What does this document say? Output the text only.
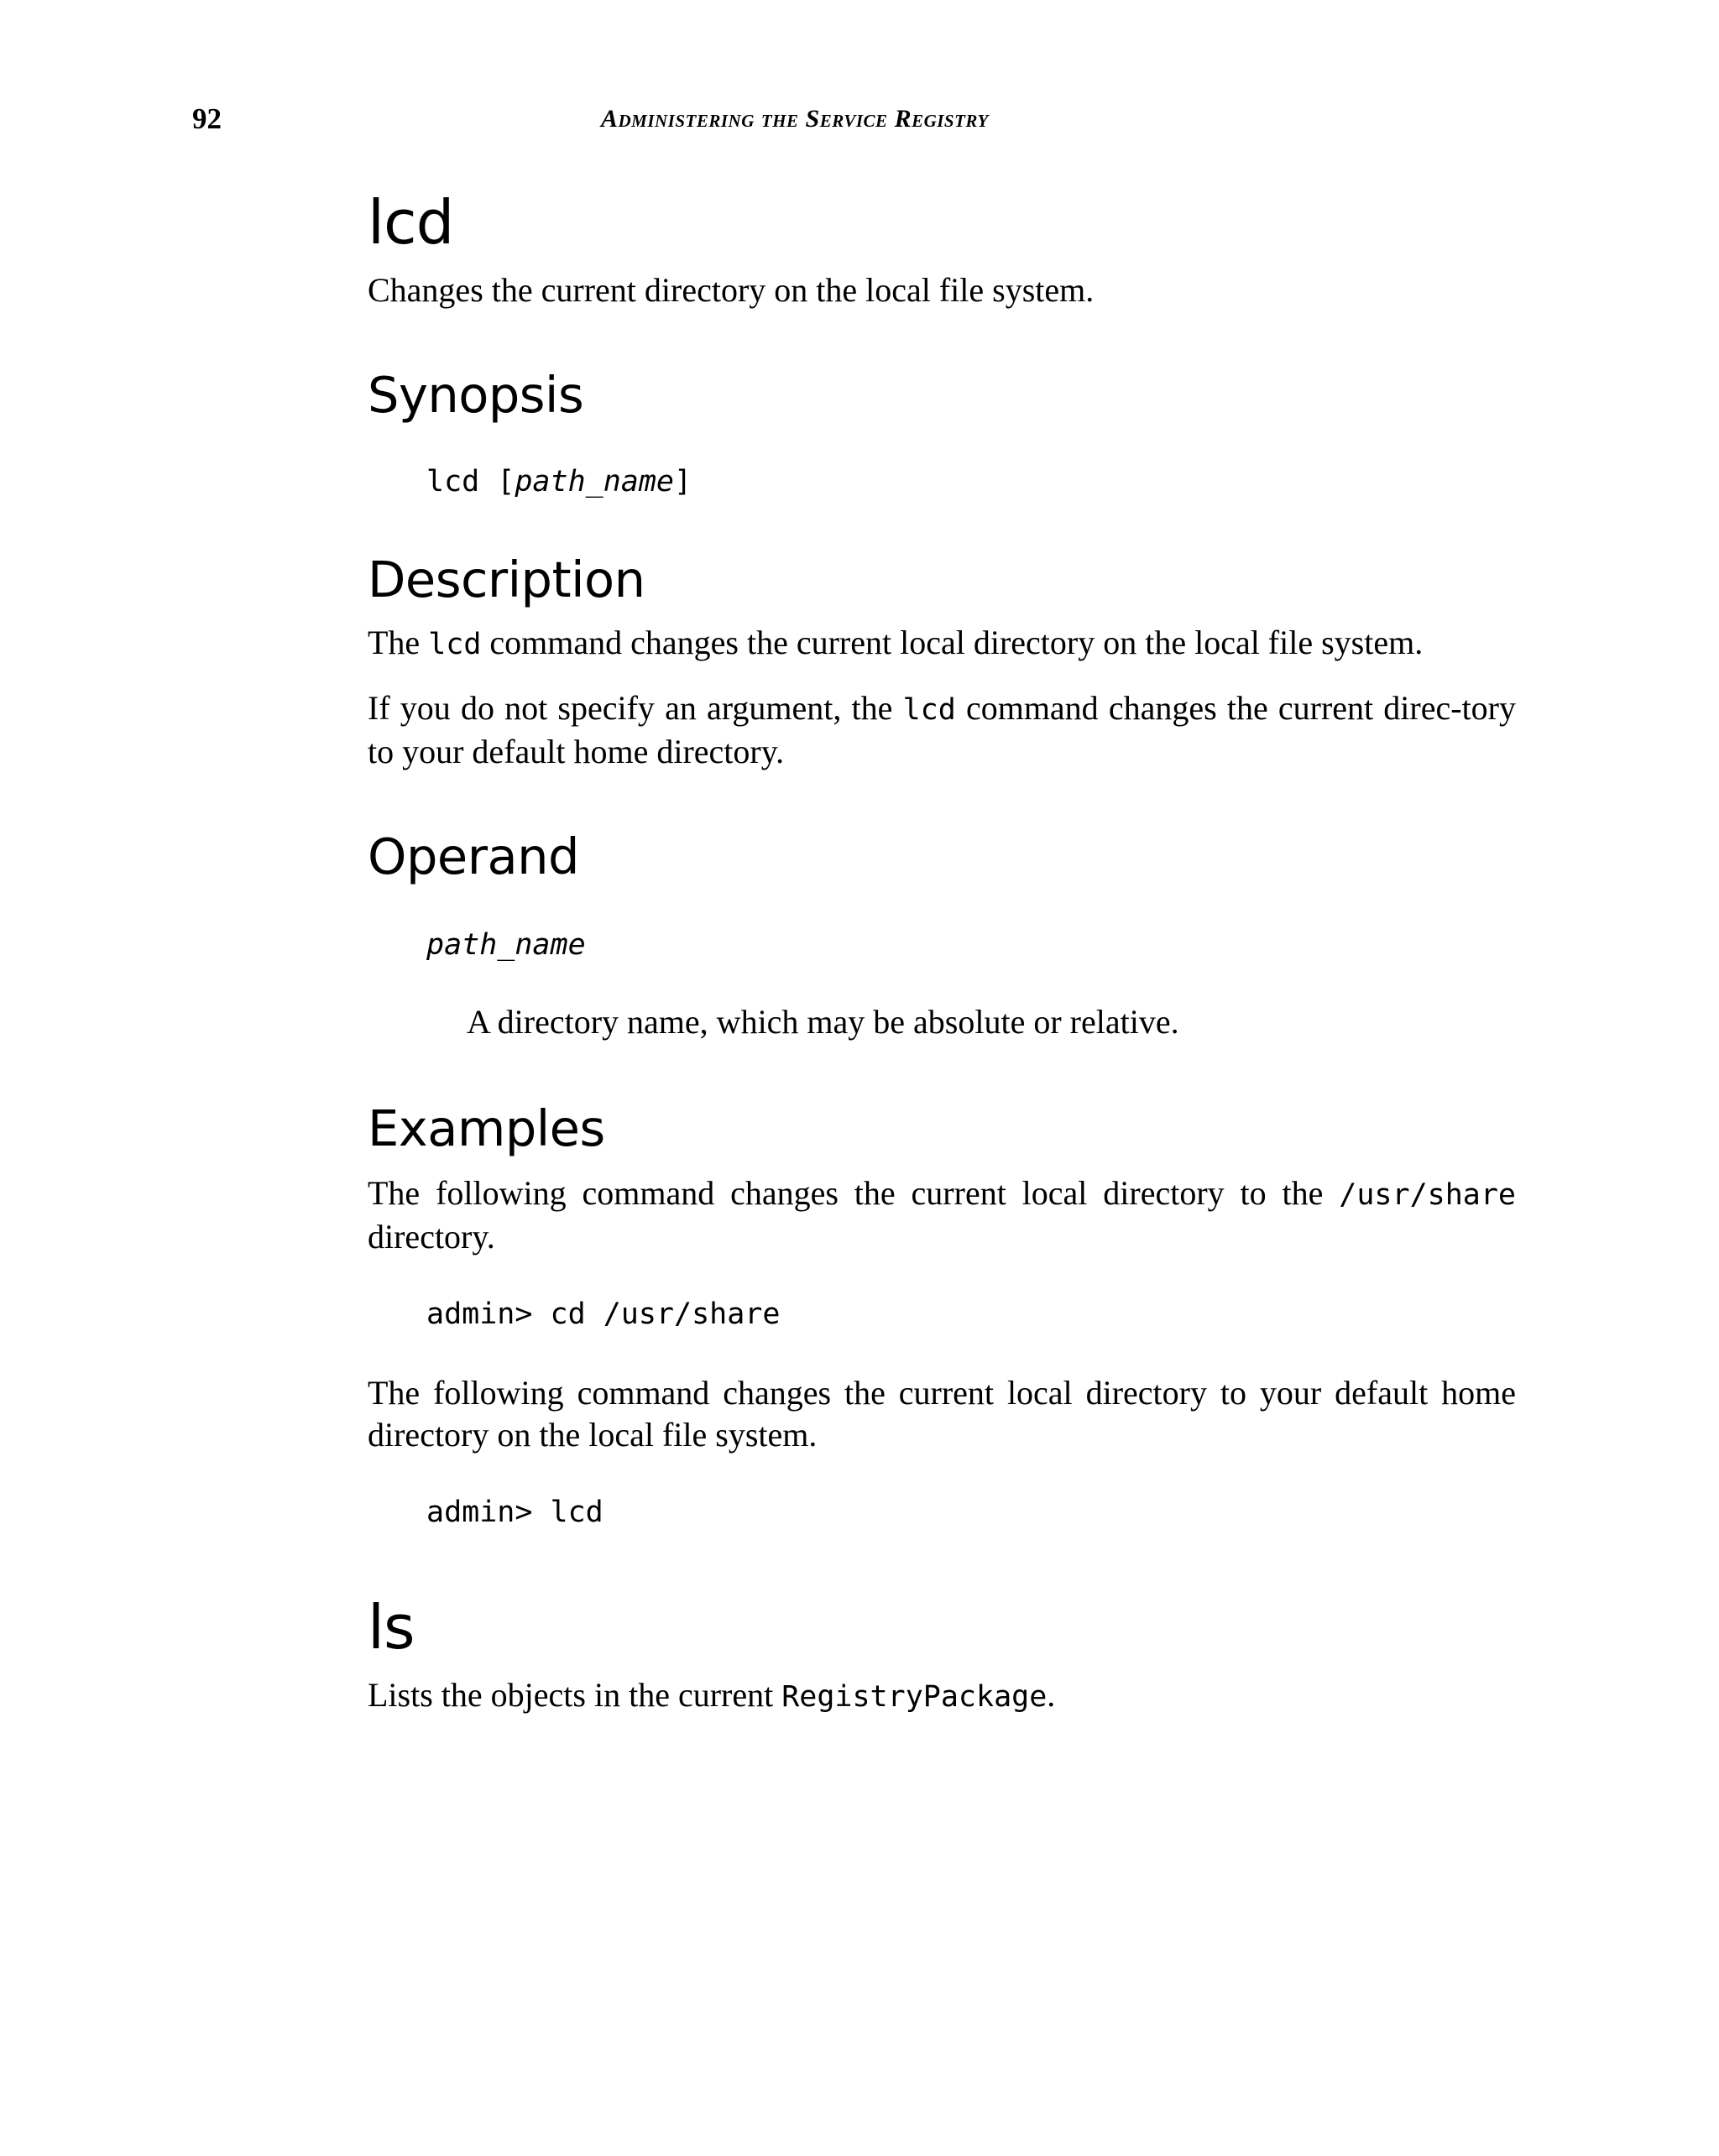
92	Administering the Service Registry
lcd

Changes the current directory on the local file system.

Synopsis

lcd [path_name]

Description

The lcd command changes the current local directory on the local file system.

If you do not specify an argument, the lcd command changes the current direc-tory to your default home directory.

Operand

path_name

A directory name, which may be absolute or relative.

Examples

The following command changes the current local directory to the /usr/share directory.

admin> cd /usr/share

The following command changes the current local directory to your default home directory on the local file system.

admin> lcd

ls

Lists the objects in the current RegistryPackage.
